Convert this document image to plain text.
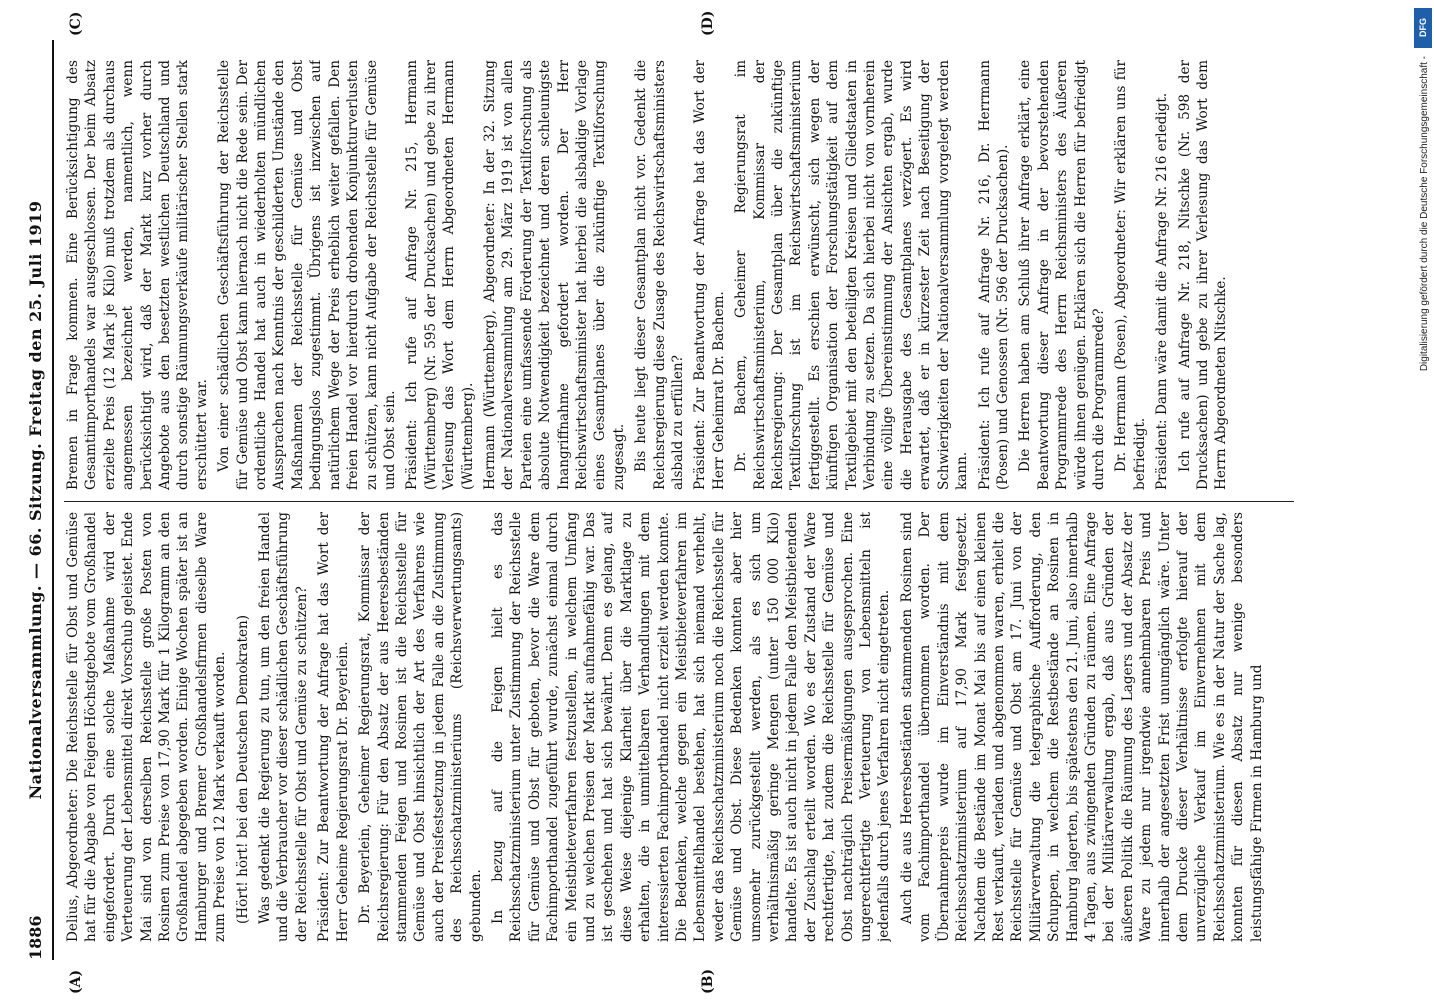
1886
Nationalversammlung. — 66. Sitzung. Freitag den 25. Juli 1919
(A)	(B)
(C)	(D)

Delius, Abgeordneter: Die Reichsstelle für Obst und Gemüse hat für die Abgabe von Feigen Höchstgebote vom Großhandel eingefordert. Durch eine solche Maßnahme wird der Verteuerung der Lebensmittel direkt Vorschub geleistet. Ende Mai sind von derselben Reichsstelle große Posten von Rosinen zum Preise von 17,90 Mark für 1 Kilogramm an den Großhandel abgegeben worden. Einige Wochen später ist an Hamburger und Bremer Großhandelsfirmen dieselbe Ware zum Preise von 12 Mark verkauft worden. (Hört! hört! bei den Deutschen Demokraten) Was gedenkt die Regierung zu tun, um den freien Handel und die Verbraucher vor dieser schädlichen Geschäftsführung der Reichsstelle für Obst und Gemüse zu schützen? Präsident: Zur Beantwortung der Anfrage hat das Wort der Herr Geheime Regierungsrat Dr. Beyerlein. Dr. Beyerlein, Geheimer Regierungsrat, Kommissar der Reichsregierung: Für den Absatz der aus Heeresbeständen stammenden Feigen und Rosinen ist die Reichsstelle für Gemüse und Obst hinsichtlich der Art des Verfahrens wie auch der Preisfestsetzung in jedem Falle an die Zustimmung des Reichsschatzministeriums (Reichsverwertungsamts) gebunden. In bezug auf die Feigen hielt es das Reichsschatzministerium unter Zustimmung der Reichsstelle für Gemüse und Obst für geboten, bevor die Ware dem Fachimporthandel zugeführt wurde, zunächst einmal durch ein Meistbieteverfahren festzustellen, in welchem Umfang und zu welchen Preisen der Markt aufnahmefähig war. Das ist geschehen und hat sich bewährt. Denn es gelang, auf diese Weise diejenige Klarheit über die Marktlage zu erhalten, die in unmittelbaren Verhandlungen mit dem interessierten Fachimporthandel nicht erzielt werden konnte. Die Bedenken, welche gegen ein Meistbieteverfahren im Lebensmittelhandel bestehen, hat sich niemand verhehlt, weder das Reichsschatzministerium noch die Reichsstelle für Gemüse und Obst. Diese Bedenken konnten aber hier umsomehr zurückgestellt werden, als es sich um verhältnismäßig geringe Mengen (unter 150 000 Kilo) handelte. Es ist auch nicht in jedem Falle den Meistbietenden der Zuschlag erteilt worden. Wo es der Zustand der Ware rechtfertigte, hat zudem die Reichsstelle für Gemüse und Obst nachträglich Preisermäßigungen ausgesprochen. Eine ungerechtfertigte Verteuerung von Lebensmitteln ist jedenfalls durch jenes Verfahren nicht eingetreten. Auch die aus Heeresbeständen stammenden Rosinen sind vom Fachimporthandel übernommen worden. Der Übernahmepreis wurde im Einverständnis mit dem Reichsschatzministerium auf 17,90 Mark festgesetzt. Nachdem die Bestände im Monat Mai bis auf einen kleinen Rest verkauft, verladen und abgenommen waren, erhielt die Reichsstelle für Gemüse und Obst am 17. Juni von der Militärverwaltung die telegraphische Aufforderung, den Schuppen, in welchem die Restbestände an Rosinen in Hamburg lagerten, bis spätestens den 21. Juni, also innerhalb 4 Tagen, aus zwingenden Gründen zu räumen. Eine Anfrage bei der Militärverwaltung ergab, daß aus Gründen der äußeren Politik die Räumung des Lagers und der Absatz der Ware zu jedem nur irgendwie annehmbaren Preis und innerhalb der angesetzten Frist unumgänglich wäre. Unter dem Drucke dieser Verhältnisse erfolgte hierauf der unverzügliche Verkauf im Einvernehmen mit dem Reichsschatzministerium. Wie es in der Natur der Sache lag, konnten für diesen Absatz nur wenige besonders leistungsfähige Firmen in Hamburg und

Bremen in Frage kommen. Eine Berücksichtigung des Gesamtimporthandels war ausgeschlossen. Der beim Absatz erzielte Preis (12 Mark je Kilo) muß trotzdem als durchaus angemessen bezeichnet werden, namentlich, wenn berücksichtigt wird, daß der Markt kurz vorher durch Angebote aus den besetzten westlichen Deutschland und durch sonstige Räumungsverkäufe militärischer Stellen stark erschüttert war. Von einer schädlichen Geschäftsführung der Reichsstelle für Gemüse und Obst kann hiernach nicht die Rede sein. Der ordentliche Handel hat auch in wiederholten mündlichen Aussprachen nach Kenntnis der geschilderten Umstände den Maßnahmen der Reichsstelle für Gemüse und Obst bedingungslos zugestimmt. Übrigens ist inzwischen auf natürlichem Wege der Preis erheblich weiter gefallen. Den freien Handel vor hierdurch drohenden Konjunkturverlusten zu schützen, kann nicht Aufgabe der Reichsstelle für Gemüse und Obst sein. Präsident: Ich rufe auf Anfrage Nr. 215, Hermann (Württemberg) (Nr. 595 der Drucksachen) und gebe zu ihrer Verlesung das Wort dem Herrn Abgeordneten Hermann (Württemberg). Hermann (Württemberg), Abgeordneter: In der 32. Sitzung der Nationalversammlung am 29. März 1919 ist von allen Parteien eine umfassende Förderung der Textilforschung als absolute Notwendigkeit bezeichnet und deren schleunigste Inangriffnahme gefordert worden. Der Herr Reichswirtschaftsminister hat hierbei die alsbaldige Vorlage eines Gesamtplanes über die zukünftige Textilforschung zugesagt. Bis heute liegt dieser Gesamtplan nicht vor. Gedenkt die Reichsregierung diese Zusage des Reichswirtschaftsministers alsbald zu erfüllen? Präsident: Zur Beantwortung der Anfrage hat das Wort der Herr Geheimrat Dr. Bachem. Dr. Bachem, Geheimer Regierungsrat im Reichswirtschaftsministerium, Kommissar der Reichsregierung: Der Gesamtplan über die zukünftige Textilforschung ist im Reichswirtschaftsministerium fertiggestellt. Es erschien erwünscht, sich wegen der künftigen Organisation der Forschungstätigkeit auf dem Textilgebiet mit den beteiligten Kreisen und Gliedstaaten in Verbindung zu setzen. Da sich hierbei nicht von vornherein eine völlige Übereinstimmung der Ansichten ergab, wurde die Herausgabe des Gesamtplanes verzögert. Es wird erwartet, daß er in kürzester Zeit nach Beseitigung der Schwierigkeiten der Nationalversammlung vorgelegt werden kann. Präsident: Ich rufe auf Anfrage Nr. 216, Dr. Herrmann (Posen) und Genossen (Nr. 596 der Drucksachen). Die Herren haben am Schluß ihrer Anfrage erklärt, eine Beantwortung dieser Anfrage in der bevorstehenden Programmrede des Herrn Reichsministers des Äußeren würde ihnen genügen. Erklären sich die Herren für befriedigt durch die Programmrede? Dr. Herrmann (Posen), Abgeordneter: Wir erklären uns für befriedigt. Präsident: Dann wäre damit die Anfrage Nr. 216 erledigt. Ich rufe auf Anfrage Nr. 218, Nitschke (Nr. 598 der Drucksachen) und gebe zu ihrer Verlesung das Wort dem Herrn Abgeordneten Nitschke.

DFG
Digitalisierung gefördert durch die Deutsche Forschungsgemeinschaft -
